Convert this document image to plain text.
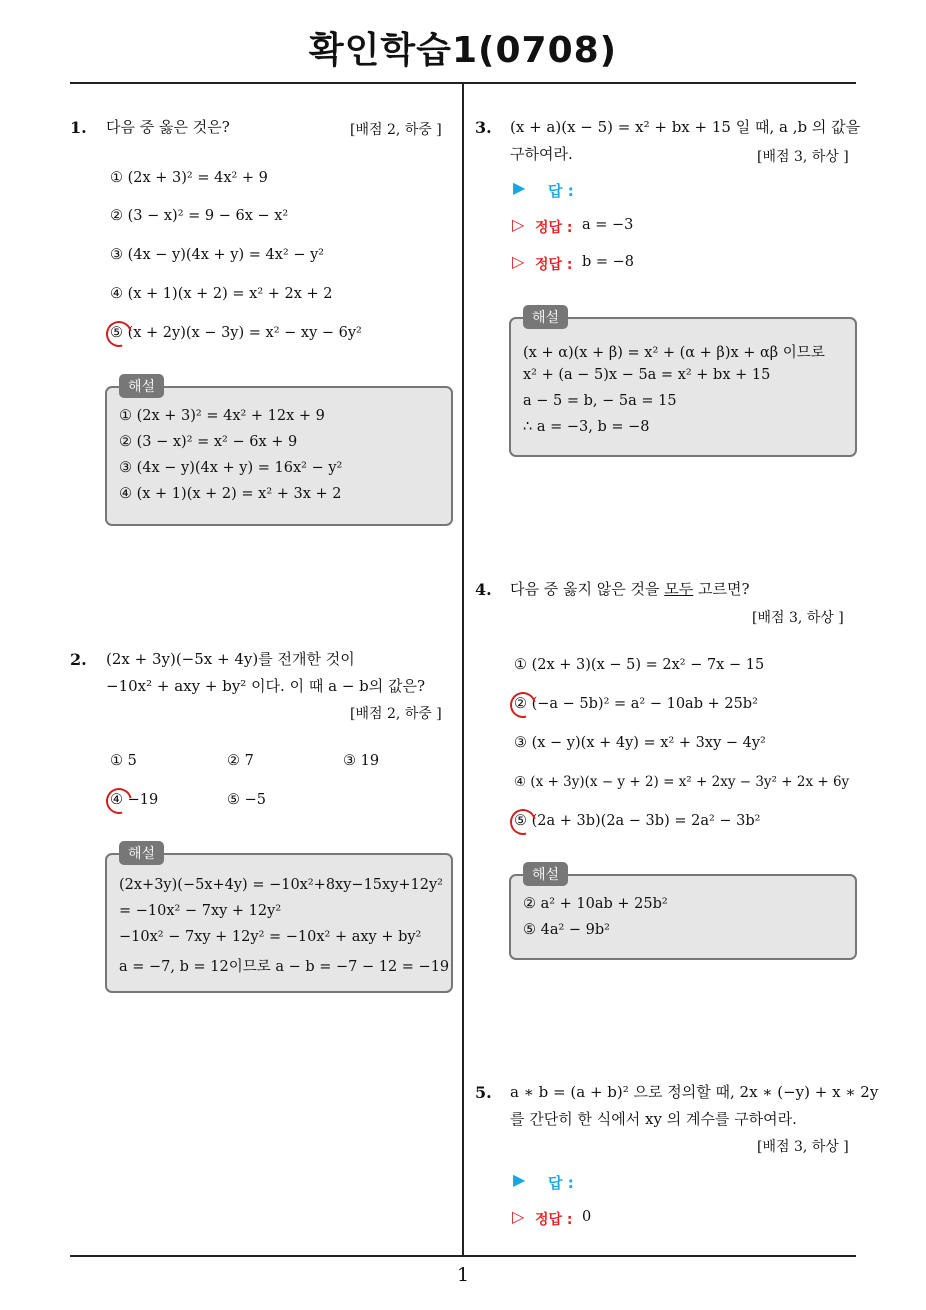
확인학습1(0708)
1
1. 다음 중 옳은 것은?	[배점 2, 하중 ]
① (2x + 3)² = 4x² + 9
② (3 − x)² = 9 − 6x − x²
③ (4x − y)(4x + y) = 4x² − y²
④ (x + 1)(x + 2) = x² + 2x + 2
⑤ (x + 2y)(x − 3y) = x² − xy − 6y²
① (2x + 3)² = 4x² + 12x + 9
② (3 − x)² = x² − 6x + 9
③ (4x − y)(4x + y) = 16x² − y²
④ (x + 1)(x + 2) = x² + 3x + 2
해설
2. (2x + 3y)(−5x + 4y)를 전개한 것이
−10x² + axy + by² 이다. 이 때 a − b의 값은?
[배점 2, 하중 ]
① 5	② 7	③ 19
④ −19	⑤ −5
(2x+3y)(−5x+4y) = −10x²+8xy−15xy+12y²
= −10x² − 7xy + 12y²
−10x² − 7xy + 12y² = −10x² + axy + by²
a = −7, b = 12이므로 a − b = −7 − 12 = −19
해설
3. (x + a)(x − 5) = x² + bx + 15 일 때, a ,b 의 값을
구하여라.	[배점 3, 하상 ]
▶ 답 :
▷ 정답 : a = −3
▷ 정답 : b = −8
(x + α)(x + β) = x² + (α + β)x + αβ 이므로
x² + (a − 5)x − 5a = x² + bx + 15
a − 5 = b, − 5a = 15
∴ a = −3, b = −8
해설
4. 다음 중 옳지 않은 것을 모두 고르면?
[배점 3, 하상 ]
① (2x + 3)(x − 5) = 2x² − 7x − 15
② (−a − 5b)² = a² − 10ab + 25b²
③ (x − y)(x + 4y) = x² + 3xy − 4y²
④ (x + 3y)(x − y + 2) = x² + 2xy − 3y² + 2x + 6y
⑤ (2a + 3b)(2a − 3b) = 2a² − 3b²
② a² + 10ab + 25b²
⑤ 4a² − 9b²
해설
5. a ∗ b = (a + b)² 으로 정의할 때, 2x ∗ (−y) + x ∗ 2y
를 간단히 한 식에서 xy 의 계수를 구하여라.
[배점 3, 하상 ]
▶ 답 :
▷ 정답 : 0
